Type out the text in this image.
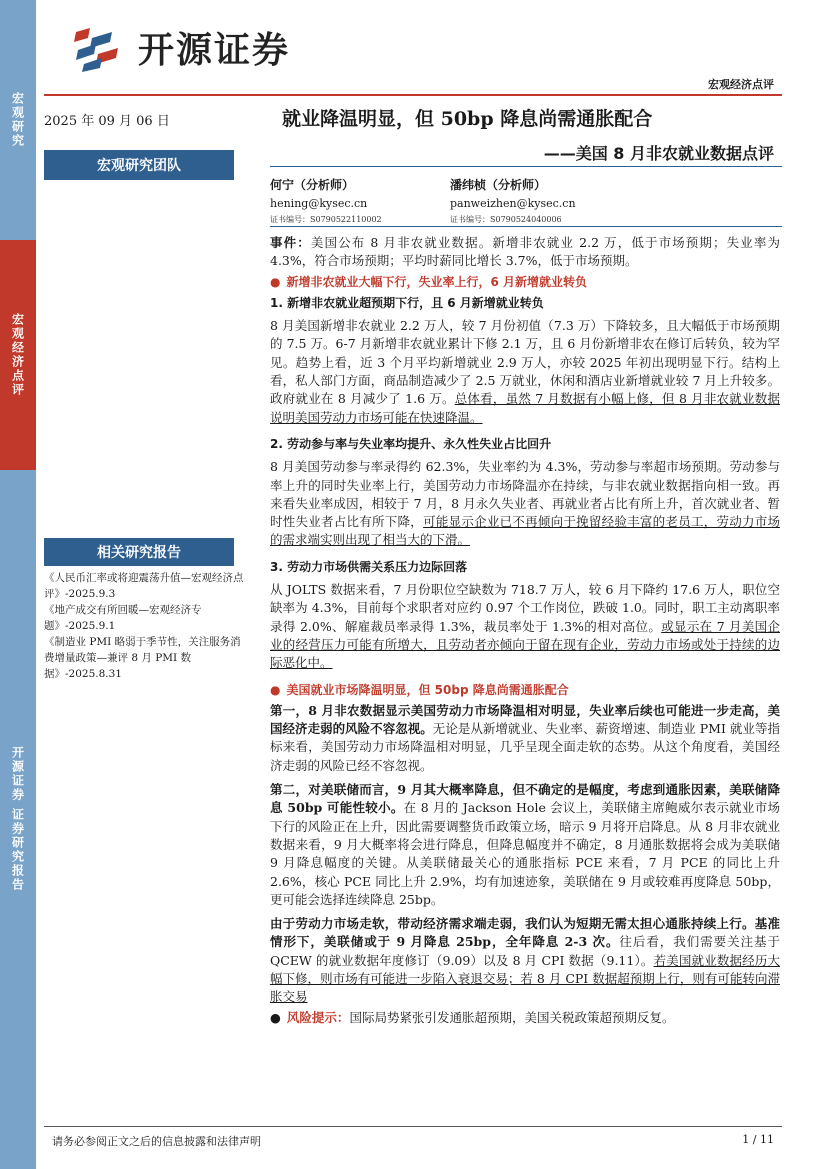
宏观研究
宏观经济点评
开源证券 证券研究报告
开源证券
宏观经济点评
2025 年 09 月 06 日
宏观研究团队
就业降温明显，但 50bp 降息尚需通胀配合
——美国 8 月非农就业数据点评
何宁（分析师）
hening@kysec.cn
证书编号：S0790522110002
潘纬桢（分析师）
panweizhen@kysec.cn
证书编号：S0790524040006
相关研究报告
《人民币汇率或将迎震荡升值—宏观经济点评》-2025.9.3
《地产成交有所回暖—宏观经济专题》-2025.9.1
《制造业 PMI 略弱于季节性，关注服务消费增量政策—兼评 8 月 PMI 数据》-2025.8.31

事件：美国公布 8 月非农就业数据。新增非农就业 2.2 万，低于市场预期；失业率为 4.3%，符合市场预期；平均时薪同比增长 3.7%，低于市场预期。

● 新增非农就业大幅下行，失业率上行，6 月新增就业转负
1. 新增非农就业超预期下行，且 6 月新增就业转负

8 月美国新增非农就业 2.2 万人，较 7 月份初值（7.3 万）下降较多，且大幅低于市场预期的 7.5 万。6-7 月新增非农就业累计下修 2.1 万，且 6 月份新增非农在修订后转负，较为罕见。趋势上看，近 3 个月平均新增就业 2.9 万人，亦较 2025 年初出现明显下行。结构上看，私人部门方面，商品制造减少了 2.5 万就业，休闲和酒店业新增就业较 7 月上升较多。政府就业在 8 月减少了 1.6 万。总体看，虽然 7 月数据有小幅上修，但 8 月非农就业数据说明美国劳动力市场可能在快速降温。

2. 劳动参与率与失业率均提升、永久性失业占比回升

8 月美国劳动参与率录得约 62.3%，失业率约为 4.3%，劳动参与率超市场预期。劳动参与率上升的同时失业率上行，美国劳动力市场降温亦在持续，与非农就业数据指向相一致。再来看失业率成因，相较于 7 月，8 月永久失业者、再就业者占比有所上升，首次就业者、暂时性失业者占比有所下降，可能显示企业已不再倾向于挽留经验丰富的老员工，劳动力市场的需求端实则出现了相当大的下滑。

3. 劳动力市场供需关系压力边际回落

从 JOLTS 数据来看，7 月份职位空缺数为 718.7 万人，较 6 月下降约 17.6 万人，职位空缺率为 4.3%，目前每个求职者对应约 0.97 个工作岗位，跌破 1.0。同时，职工主动离职率录得 2.0%、解雇裁员率录得 1.3%，裁员率处于 1.3%的相对高位。或显示在 7 月美国企业的经营压力可能有所增大，且劳动者亦倾向于留在现有企业，劳动力市场或处于持续的边际恶化中。

● 美国就业市场降温明显，但 50bp 降息尚需通胀配合

第一，8 月非农数据显示美国劳动力市场降温相对明显，失业率后续也可能进一步走高，美国经济走弱的风险不容忽视。无论是从新增就业、失业率、薪资增速、制造业 PMI 就业等指标来看，美国劳动力市场降温相对明显，几乎呈现全面走软的态势。从这个角度看，美国经济走弱的风险已经不容忽视。

第二，对美联储而言，9 月其大概率降息，但不确定的是幅度，考虑到通胀因素，美联储降息 50bp 可能性较小。在 8 月的 Jackson Hole 会议上，美联储主席鲍威尔表示就业市场下行的风险正在上升，因此需要调整货币政策立场，暗示 9 月将开启降息。从 8 月非农就业数据来看，9 月大概率将会进行降息，但降息幅度并不确定，8 月通胀数据将会成为美联储 9 月降息幅度的关键。从美联储最关心的通胀指标 PCE 来看，7 月 PCE 的同比上升 2.6%，核心 PCE 同比上升 2.9%，均有加速迹象，美联储在 9 月或较难再度降息 50bp，更可能会选择连续降息 25bp。

由于劳动力市场走软，带动经济需求端走弱，我们认为短期无需太担心通胀持续上行。基准情形下，美联储或于 9 月降息 25bp，全年降息 2-3 次。往后看，我们需要关注基于 QCEW 的就业数据年度修订（9.09）以及 8 月 CPI 数据（9.11）。若美国就业数据经历大幅下修，则市场有可能进一步陷入衰退交易；若 8 月 CPI 数据超预期上行，则有可能转向滞胀交易

● 风险提示：国际局势紧张引发通胀超预期，美国关税政策超预期反复。
请务必参阅正文之后的信息披露和法律声明	1 / 11
